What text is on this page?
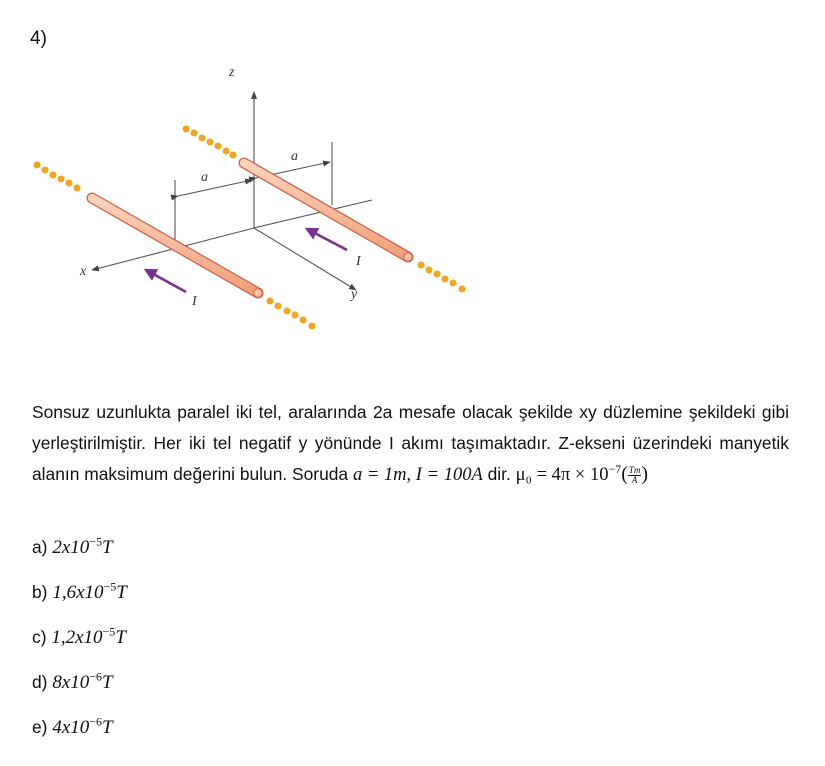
4)
z
x
y
a
a
I
I

Sonsuz uzunlukta paralel iki tel, aralarında 2a mesafe olacak şekilde xy düzlemine şekildeki gibi yerleştirilmiştir. Her iki tel negatif y yönünde I akımı taşımaktadır. Z-ekseni üzerindeki manyetik alanın maksimum değerini bulun. Soruda a = 1m, I = 100A dir. $\mu_0 = 4\pi \times 10^{-7}( \frac{Tm}{A}$ )

a) $2x10^{-5}T$
b) $1,6x10^{-5}T$
c) $1,2x10^{-5}T$
d) $8x10^{-6}T$
e) $4x10^{-6}T$
